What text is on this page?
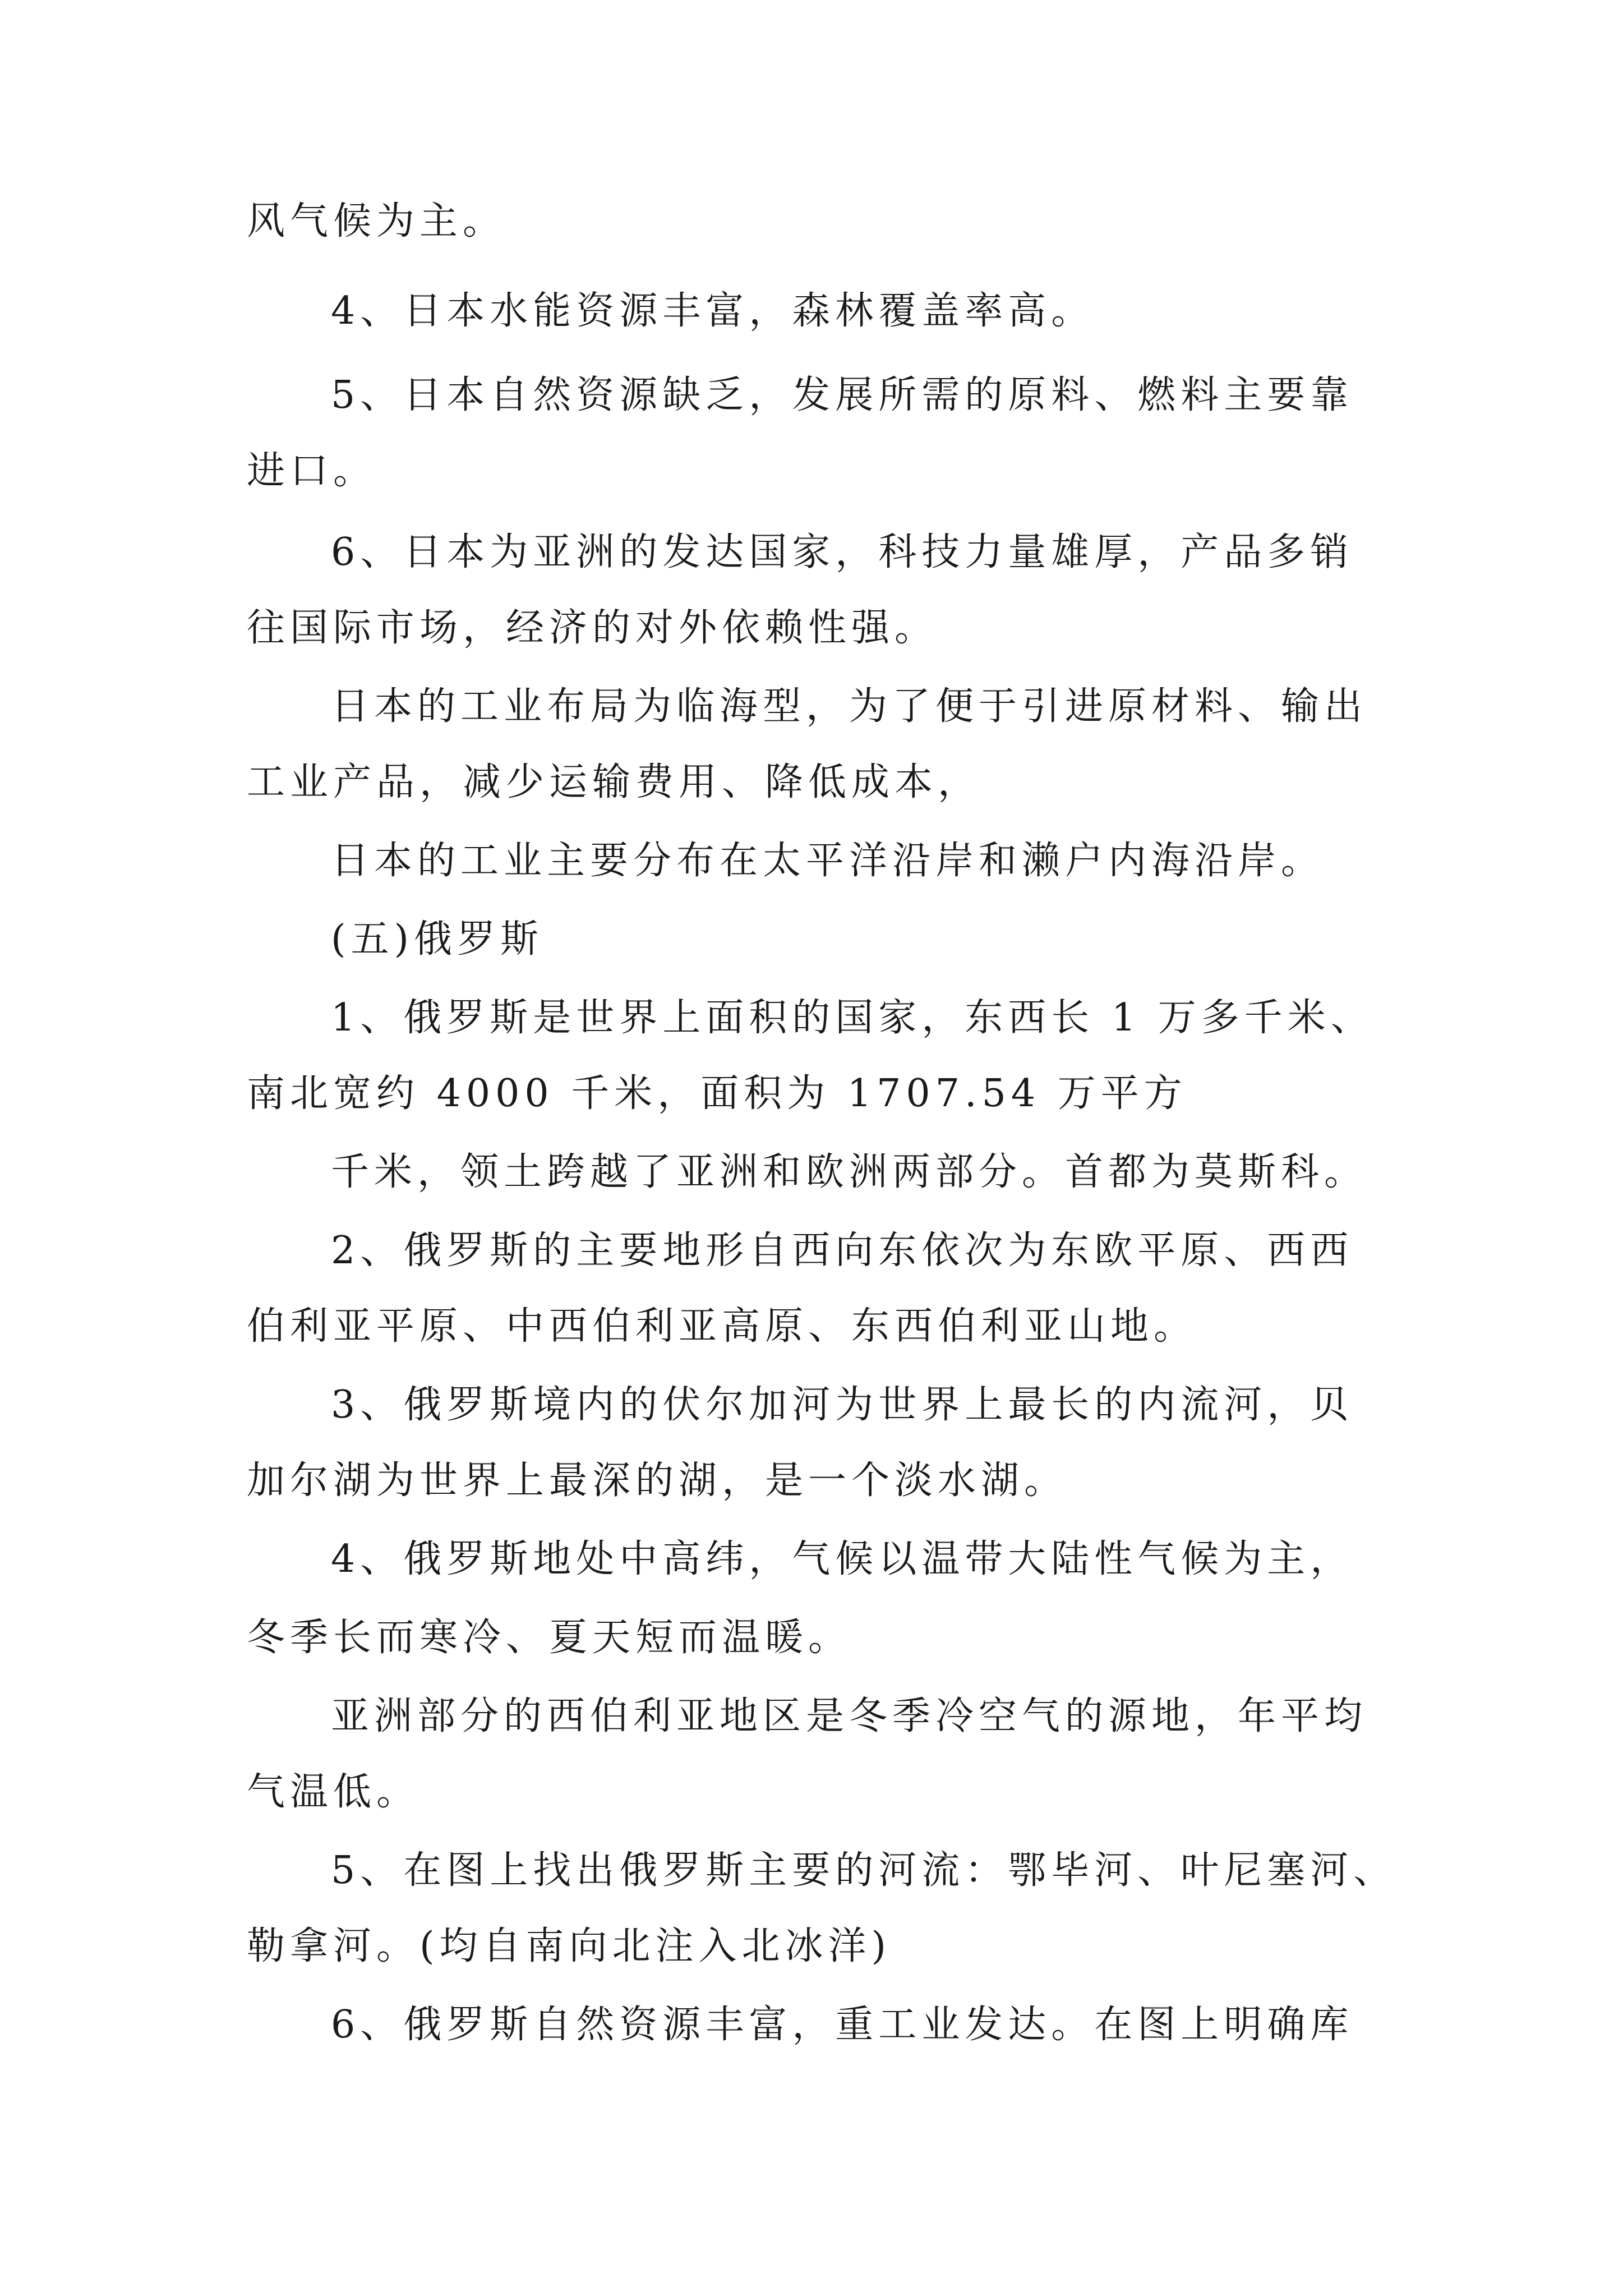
风气候为主。
4、日本水能资源丰富，森林覆盖率高。
5、日本自然资源缺乏，发展所需的原料、燃料主要靠
进口。
6、日本为亚洲的发达国家，科技力量雄厚，产品多销
往国际市场，经济的对外依赖性强。
日本的工业布局为临海型，为了便于引进原材料、输出
工业产品，减少运输费用、降低成本，
日本的工业主要分布在太平洋沿岸和濑户内海沿岸。
(五)俄罗斯
1、俄罗斯是世界上面积的国家，东西长 1 万多千米、
南北宽约 4000 千米，面积为 1707.54 万平方
千米，领土跨越了亚洲和欧洲两部分。首都为莫斯科。
2、俄罗斯的主要地形自西向东依次为东欧平原、西西
伯利亚平原、中西伯利亚高原、东西伯利亚山地。
3、俄罗斯境内的伏尔加河为世界上最长的内流河，贝
加尔湖为世界上最深的湖，是一个淡水湖。
4、俄罗斯地处中高纬，气候以温带大陆性气候为主，
冬季长而寒冷、夏天短而温暖。
亚洲部分的西伯利亚地区是冬季冷空气的源地，年平均
气温低。
5、在图上找出俄罗斯主要的河流：鄂毕河、叶尼塞河、
勒拿河。(均自南向北注入北冰洋)
6、俄罗斯自然资源丰富，重工业发达。在图上明确库
